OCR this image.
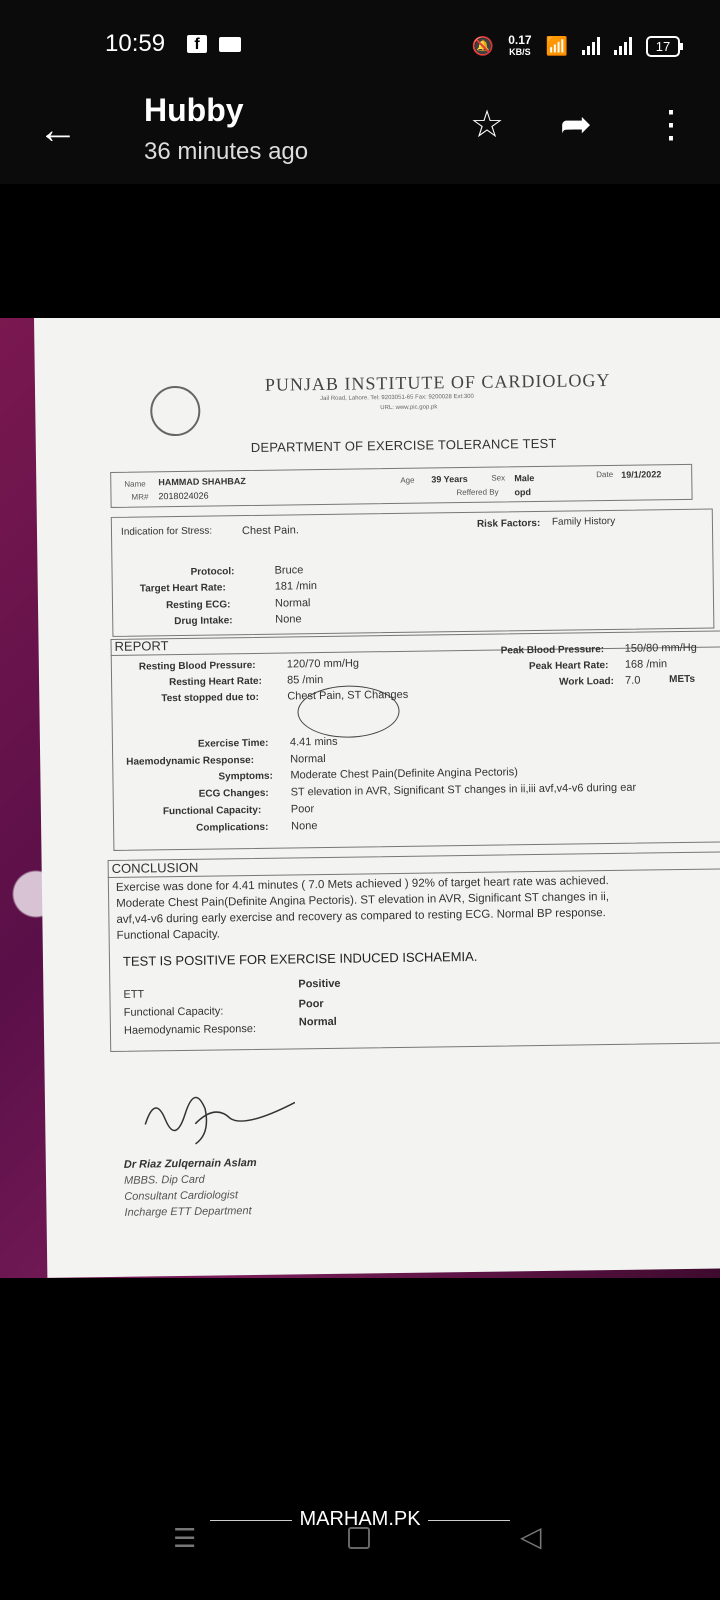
10:59	f	🔕 0.17
KB/S 📶	17
← Hubby
36 minutes ago
☆ ➦ ⋮
PUNJAB INSTITUTE OF CARDIOLOGY
Jail Road, Lahore. Tel: 9203051-65 Fax: 9200028 Ext:300
URL: www.pic.gop.pk
DEPARTMENT OF EXERCISE TOLERANCE TEST
Name HAMMAD SHAHBAZ
MR# 2018024026
Age 39 Years	Sex Male	Date 19/1/2022
Reffered By opd
Indication for Stress:	Chest Pain.
Risk Factors: Family History
Protocol:	Bruce
Target Heart Rate:	181 /min
Resting ECG:	Normal
Drug Intake:	None
REPORT
Resting Blood Pressure:	120/70 mm/Hg
Resting Heart Rate: 85 /min
Test stopped due to:	Chest Pain, ST Changes
Peak Blood Pressure: 150/80 mm/Hg
Peak Heart Rate: 168 /min
Work Load: 7.0	METs
Exercise Time: 4.41 mins
Haemodynamic Response:	Normal
Symptoms: Moderate Chest Pain(Definite Angina Pectoris)
ECG Changes: ST elevation in AVR, Significant ST changes in ii,iii avf,v4-v6 during ear
Functional Capacity:	Poor
Complications: None
CONCLUSION
Exercise was done for 4.41 minutes ( 7.0 Mets achieved ) 92% of target heart rate was achieved.
Moderate Chest Pain(Definite Angina Pectoris). ST elevation in AVR, Significant ST changes in ii,
avf,v4-v6 during early exercise and recovery as compared to resting ECG. Normal BP response.
Functional Capacity.
TEST IS POSITIVE FOR EXERCISE INDUCED ISCHAEMIA.
ETT
Positive
Functional Capacity:
Poor
Haemodynamic Response:
Normal
Dr Riaz Zulqernain Aslam
MBBS. Dip Card
Consultant Cardiologist
Incharge ETT Department
☰	◁
MARHAM.PK
